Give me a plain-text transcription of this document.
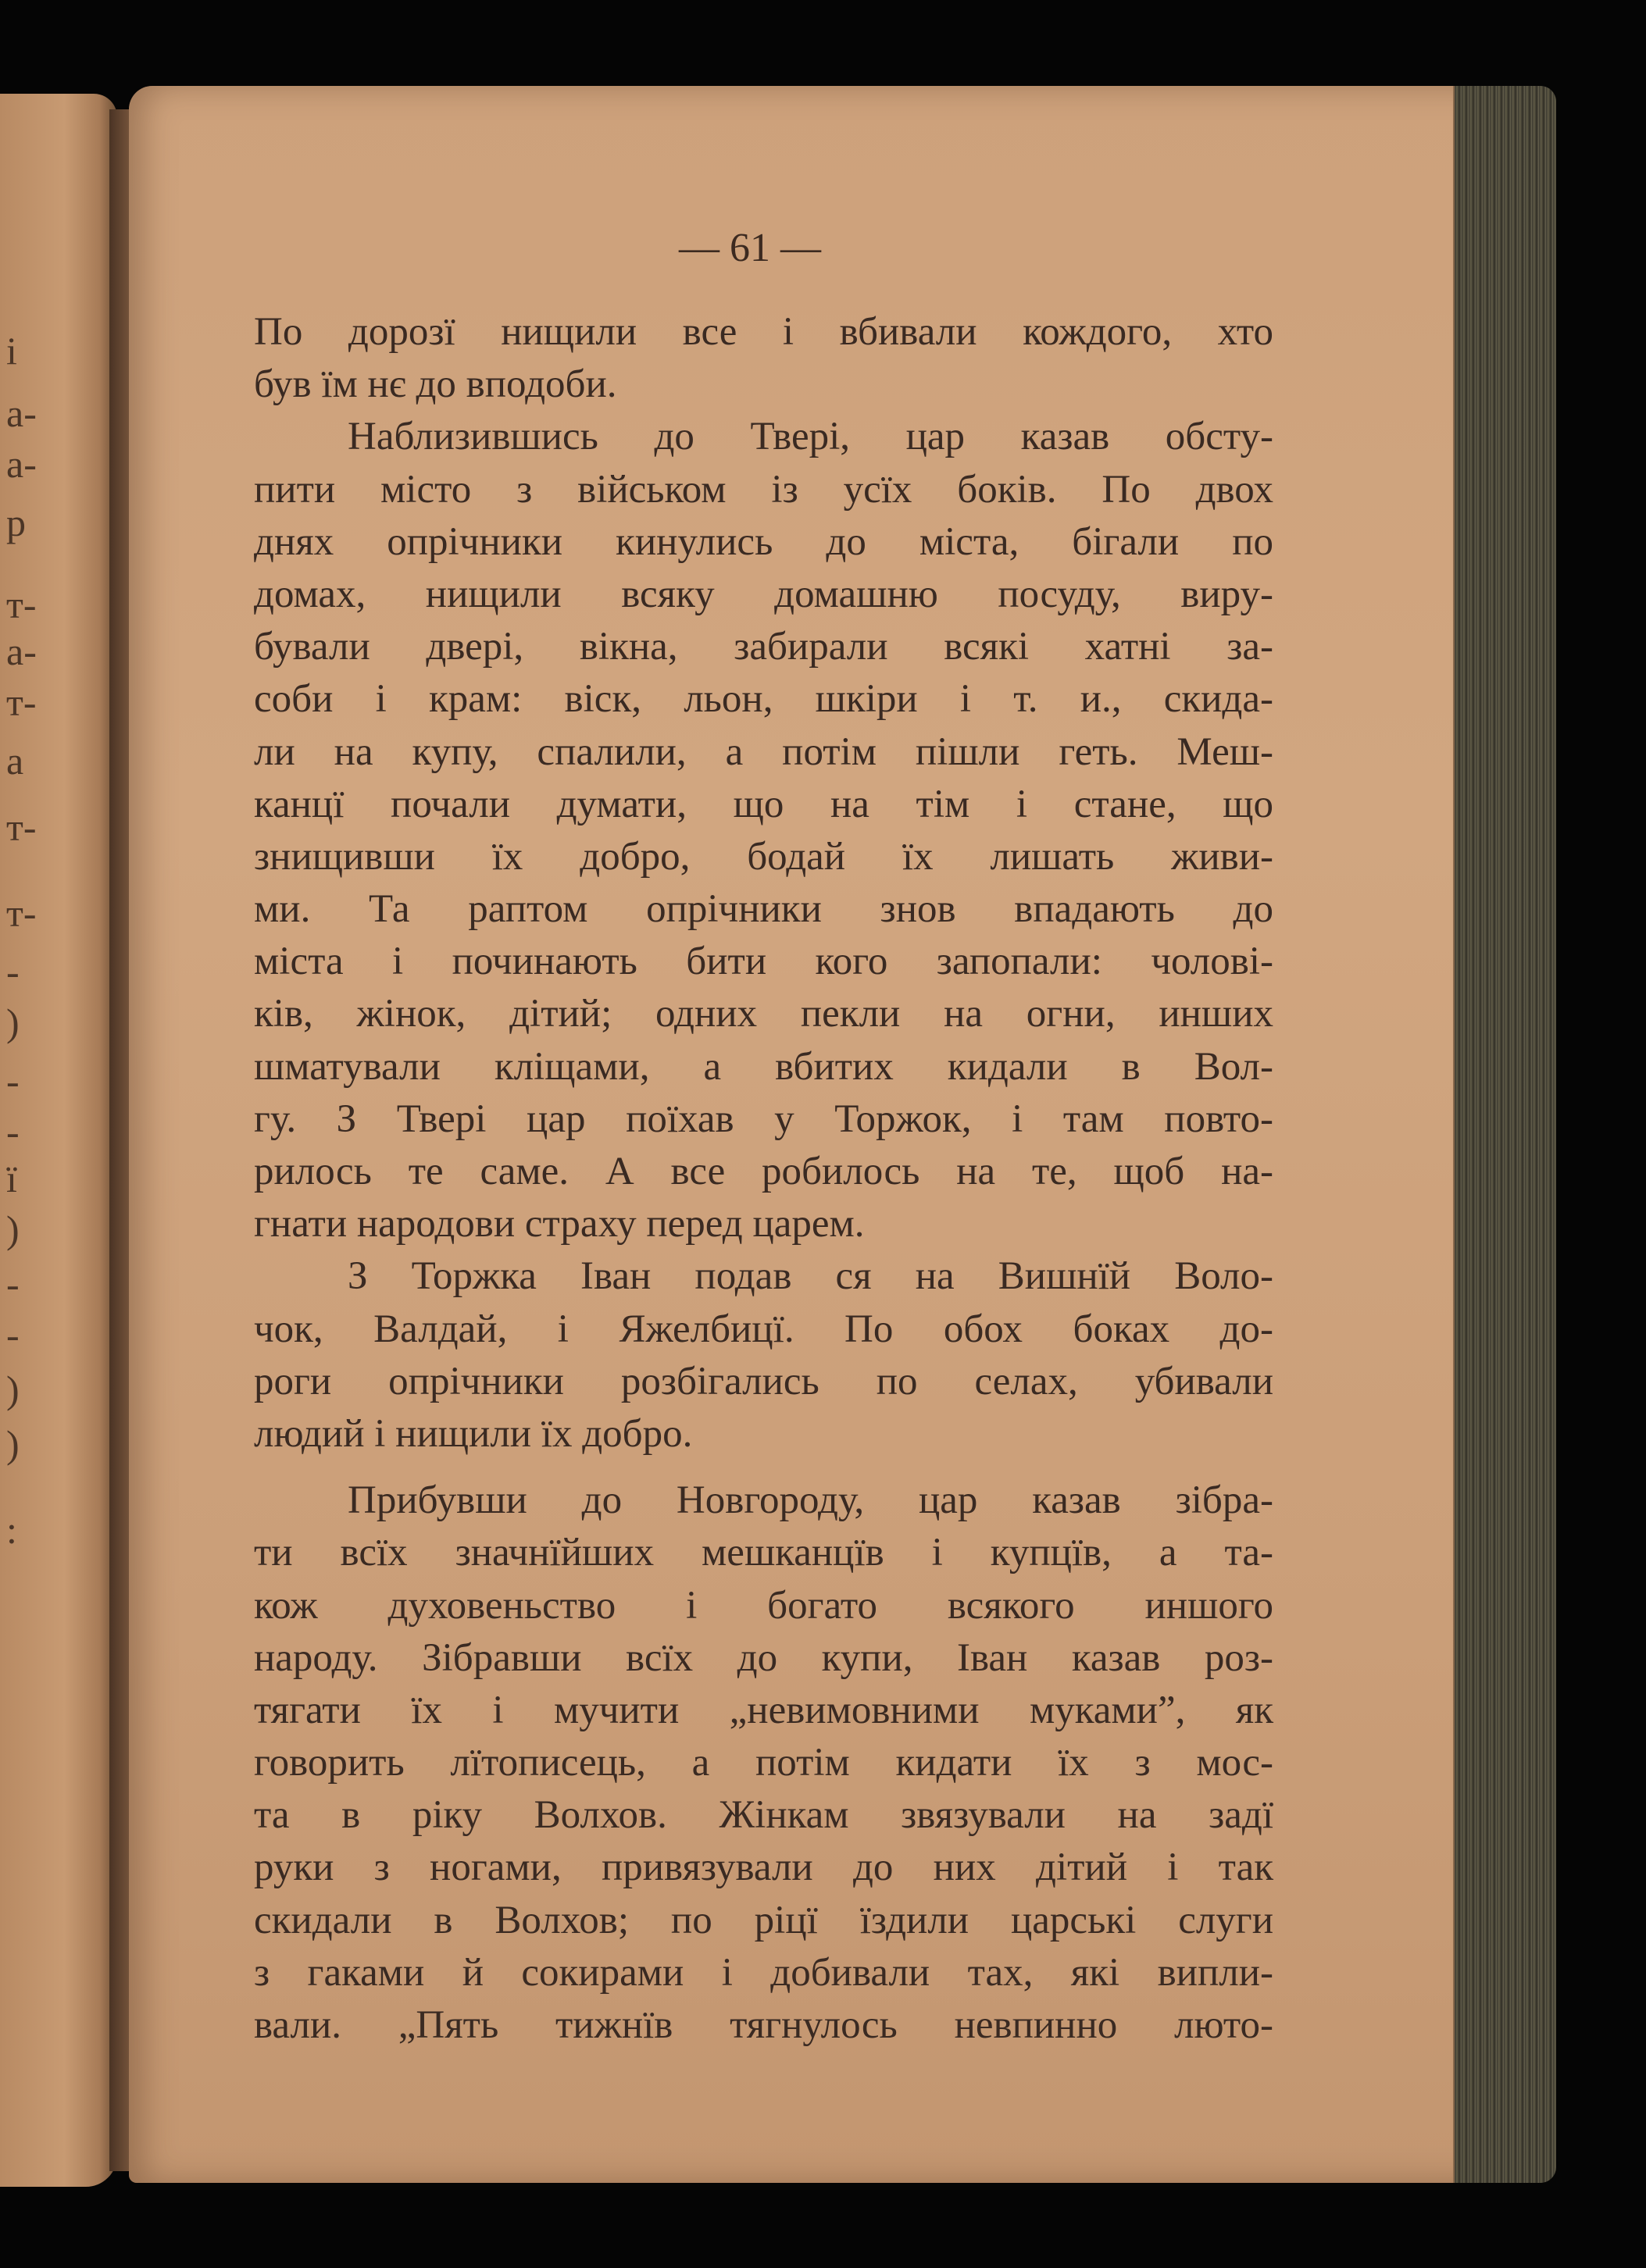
і
а-
а-
р
т-
а-
т-
а
т-
т-
-
)
-
-
ї
)
-
-
)
)
:
— 61 —
По дорозї нищили все і вбивали кождого, хто
був їм нє до вподоби.
Наблизившись до Твері, цар казав обсту-
пити місто з військом із усїх боків. По двох
днях опрічники кинулись до міста, бігали по
домах, нищили всяку домашню посуду, виру-
бували двері, вікна, забирали всякі хатні за-
соби і крам: віск, льон, шкіри і т. и., скида-
ли на купу, спалили, а потім пішли геть. Меш-
канцї почали думати, що на тім і стане, що
знищивши їх добро, бодай їх лишать живи-
ми. Та раптом опрічники знов впадають до
міста і починають бити кого запопали: чолові-
ків, жінок, дітий; одних пекли на огни, инших
шматували кліщами, а вбитих кидали в Вол-
гу. З Твері цар поїхав у Торжок, і там повто-
рилось те саме. А все робилось на те, щоб на-
гнати народови страху перед царем.
З Торжка Іван подав ся на Вишнїй Воло-
чок, Валдай, і Яжелбицї. По обох боках до-
роги опрічники розбігались по селах, убивали
людий і нищили їх добро.
Прибувши до Новгороду, цар казав зібра-
ти всїх значнїйших мешканцїв і купцїв, а та-
кож духовеньство і богато всякого иншого
народу. Зібравши всїх до купи, Іван казав роз-
тягати їх і мучити „невимовними муками”, як
говорить лїтописець, а потім кидати їх з мос-
та в ріку Волхов. Жінкам звязували на задї
руки з ногами, привязували до них дітий і так
скидали в Волхов; по ріцї їздили царські слуги
з гаками й сокирами і добивали тах, які випли-
вали. „Пять тижнїв тягнулось невпинно люто-
